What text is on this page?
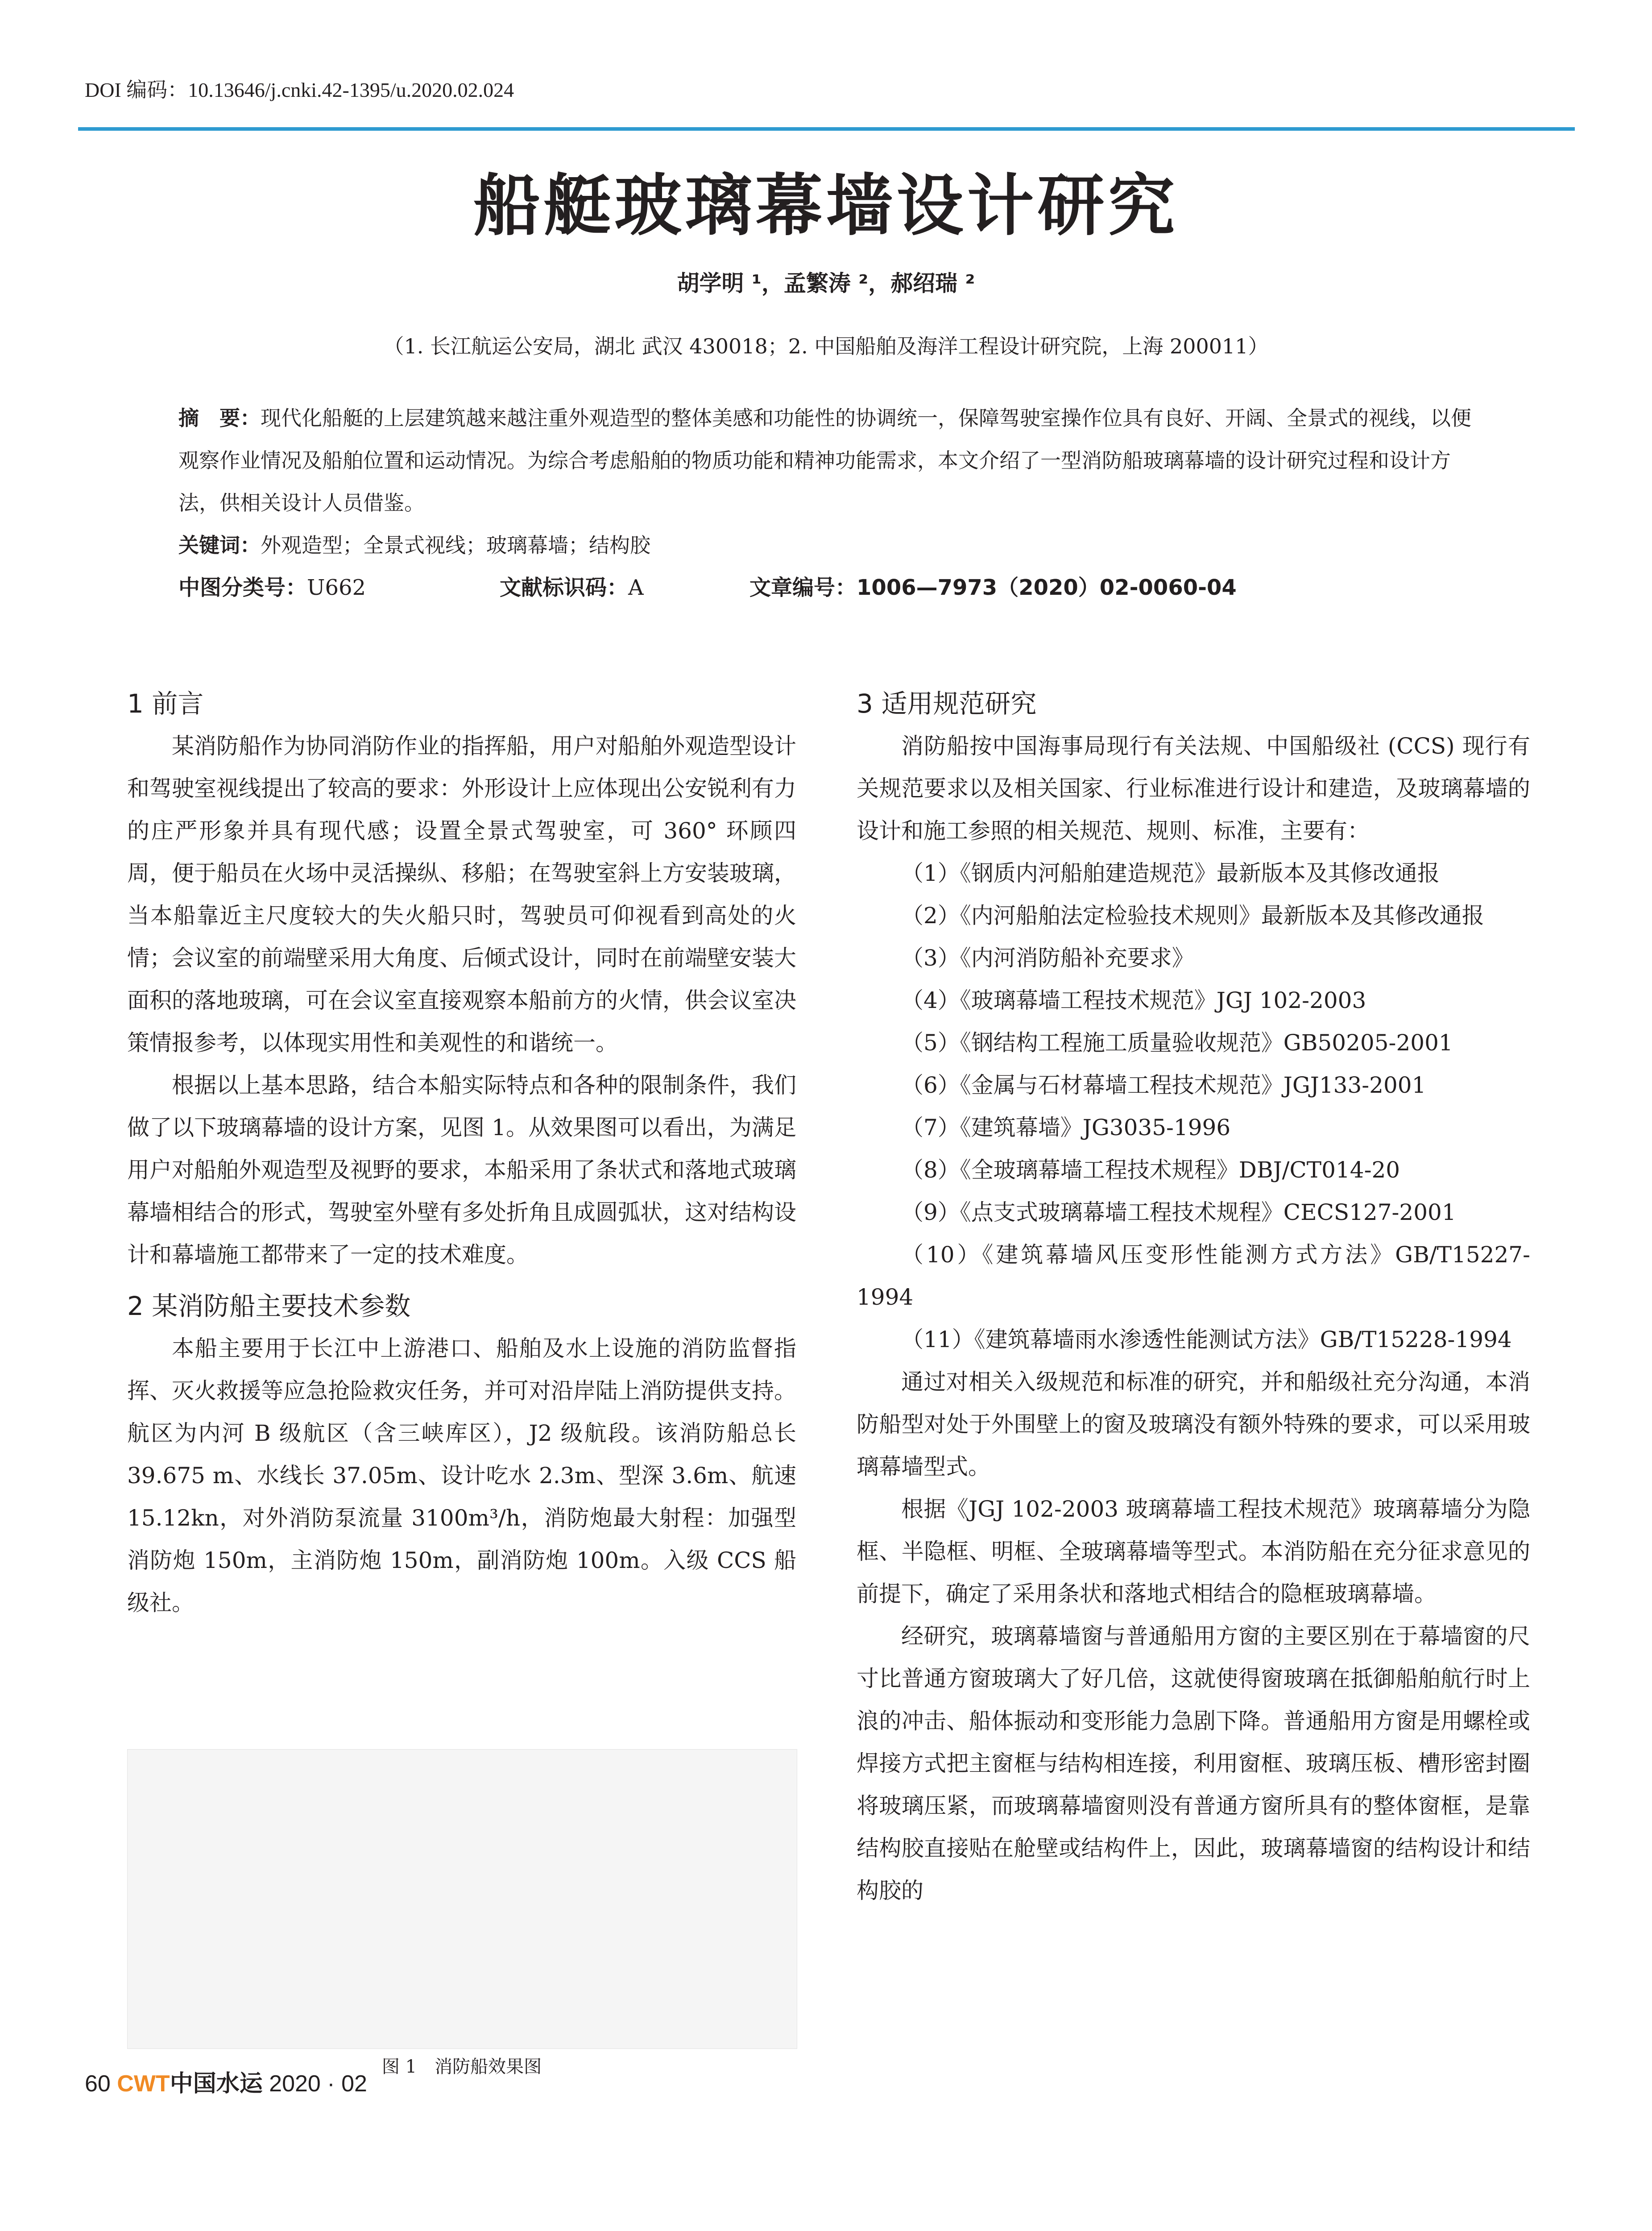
DOI 编码：10.13646/j.cnki.42-1395/u.2020.02.024
船艇玻璃幕墙设计研究
胡学明 ¹，孟繁涛 ²，郝绍瑞 ²
（1. 长江航运公安局，湖北 武汉 430018；2. 中国船舶及海洋工程设计研究院，上海 200011）
摘　要：现代化船艇的上层建筑越来越注重外观造型的整体美感和功能性的协调统一，保障驾驶室操作位具有良好、开阔、全景式的视线，以便观察作业情况及船舶位置和运动情况。为综合考虑船舶的物质功能和精神功能需求，本文介绍了一型消防船玻璃幕墙的设计研究过程和设计方法，供相关设计人员借鉴。
关键词：外观造型；全景式视线；玻璃幕墙；结构胶
中图分类号：U662	文献标识码：A	文章编号：1006—7973（2020）02-0060-04
1 前言

某消防船作为协同消防作业的指挥船，用户对船舶外观造型设计和驾驶室视线提出了较高的要求：外形设计上应体现出公安锐利有力的庄严形象并具有现代感；设置全景式驾驶室，可 360° 环顾四周，便于船员在火场中灵活操纵、移船；在驾驶室斜上方安装玻璃，当本船靠近主尺度较大的失火船只时，驾驶员可仰视看到高处的火情；会议室的前端壁采用大角度、后倾式设计，同时在前端壁安装大面积的落地玻璃，可在会议室直接观察本船前方的火情，供会议室决策情报参考，以体现实用性和美观性的和谐统一。

根据以上基本思路，结合本船实际特点和各种的限制条件，我们做了以下玻璃幕墙的设计方案，见图 1。从效果图可以看出，为满足用户对船舶外观造型及视野的要求，本船采用了条状式和落地式玻璃幕墙相结合的形式，驾驶室外壁有多处折角且成圆弧状，这对结构设计和幕墙施工都带来了一定的技术难度。

2 某消防船主要技术参数

本船主要用于长江中上游港口、船舶及水上设施的消防监督指挥、灭火救援等应急抢险救灾任务，并可对沿岸陆上消防提供支持。航区为内河 B 级航区（含三峡库区），J2 级航段。该消防船总长 39.675 m、水线长 37.05m、设计吃水 2.3m、型深 3.6m、航速 15.12kn，对外消防泵流量 3100m³/h，消防炮最大射程：加强型消防炮 150m，主消防炮 150m，副消防炮 100m。入级 CCS 船级社。

图 1　消防船效果图
3 适用规范研究

消防船按中国海事局现行有关法规、中国船级社 (CCS) 现行有关规范要求以及相关国家、行业标准进行设计和建造，及玻璃幕墙的设计和施工参照的相关规范、规则、标准，主要有：

（1）《钢质内河船舶建造规范》最新版本及其修改通报

（2）《内河船舶法定检验技术规则》最新版本及其修改通报

（3）《内河消防船补充要求》

（4）《玻璃幕墙工程技术规范》JGJ 102-2003

（5）《钢结构工程施工质量验收规范》GB50205-2001

（6）《金属与石材幕墙工程技术规范》JGJ133-2001

（7）《建筑幕墙》JG3035-1996

（8）《全玻璃幕墙工程技术规程》DBJ/CT014-20

（9）《点支式玻璃幕墙工程技术规程》CECS127-2001

（10）《建筑幕墙风压变形性能测方式方法》GB/T15227-1994

（11）《建筑幕墙雨水渗透性能测试方法》GB/T15228-1994

通过对相关入级规范和标准的研究，并和船级社充分沟通，本消防船型对处于外围壁上的窗及玻璃没有额外特殊的要求，可以采用玻璃幕墙型式。

根据《JGJ 102-2003 玻璃幕墙工程技术规范》玻璃幕墙分为隐框、半隐框、明框、全玻璃幕墙等型式。本消防船在充分征求意见的前提下，确定了采用条状和落地式相结合的隐框玻璃幕墙。

经研究，玻璃幕墙窗与普通船用方窗的主要区别在于幕墙窗的尺寸比普通方窗玻璃大了好几倍，这就使得窗玻璃在抵御船舶航行时上浪的冲击、船体振动和变形能力急剧下降。普通船用方窗是用螺栓或焊接方式把主窗框与结构相连接，利用窗框、玻璃压板、槽形密封圈将玻璃压紧，而玻璃幕墙窗则没有普通方窗所具有的整体窗框，是靠结构胶直接贴在舱壁或结构件上，因此，玻璃幕墙窗的结构设计和结构胶的

60 CWT中国水运 2020 · 02
